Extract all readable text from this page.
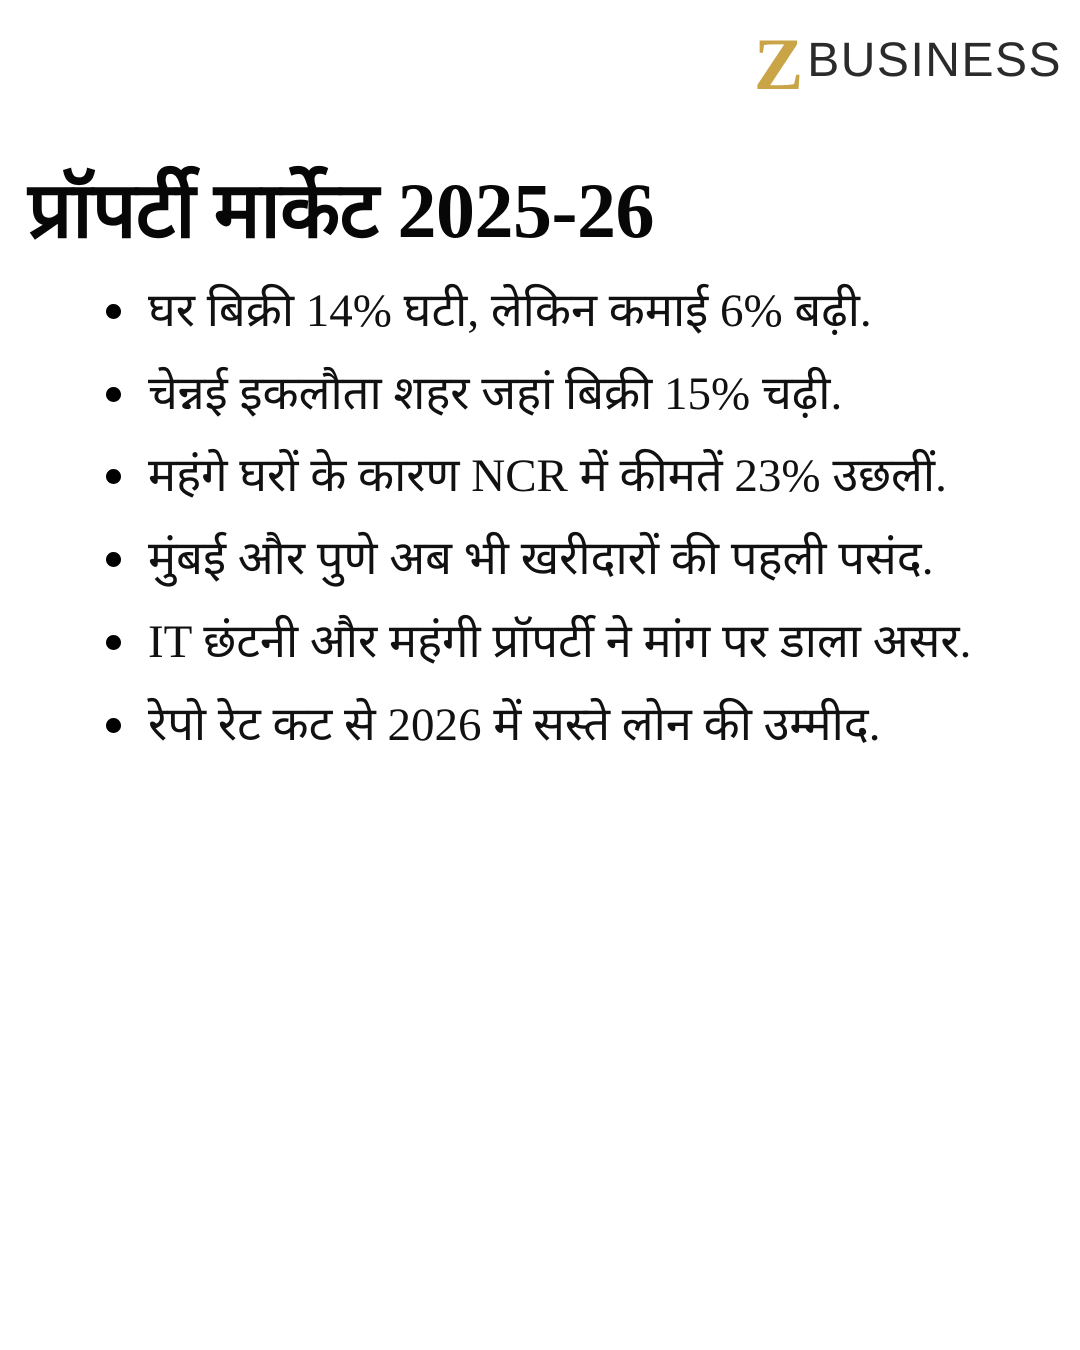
Z BUSINESS
प्रॉपर्टी मार्केट 2025-26
घर बिक्री 14% घटी, लेकिन कमाई 6% बढ़ी.
चेन्नई इकलौता शहर जहां बिक्री 15% चढ़ी.
महंगे घरों के कारण NCR में कीमतें 23% उछलीं.
मुंबई और पुणे अब भी खरीदारों की पहली पसंद.
IT छंटनी और महंगी प्रॉपर्टी ने मांग पर डाला असर.
रेपो रेट कट से 2026 में सस्ते लोन की उम्मीद.
